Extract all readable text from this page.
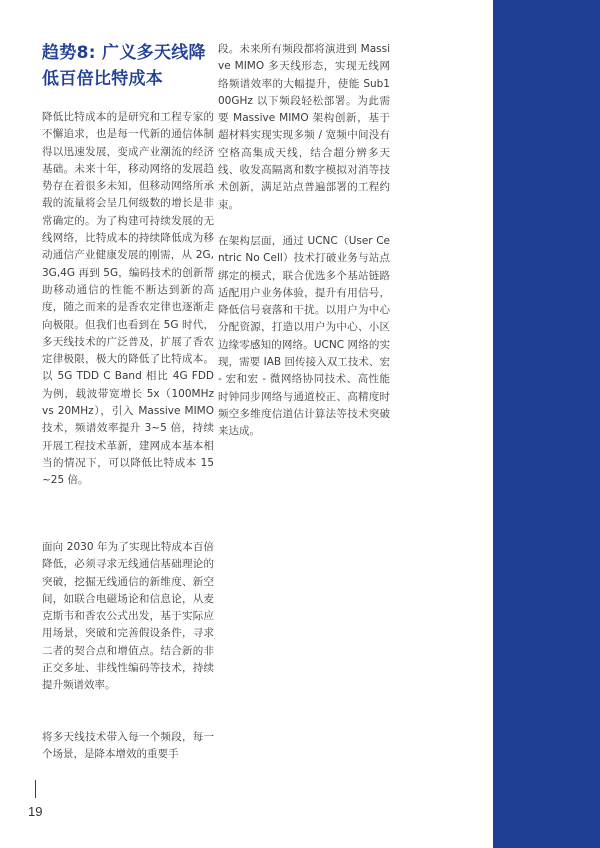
趋势8: 广义多天线降低百倍比特成本

降低比特成本的是研究和工程专家的不懈追求，也是每一代新的通信体制得以迅速发展，变成产业潮流的经济基础。未来十年，移动网络的发展趋势存在着很多未知，但移动网络所承载的流量将会呈几何级数的增长是非常确定的。为了构建可持续发展的无线网络，比特成本的持续降低成为移动通信产业健康发展的刚需，从 2G,3G,4G 再到 5G，编码技术的创新帮助移动通信的性能不断达到新的高度，随之而来的是香农定律也逐渐走向极限。但我们也看到在 5G 时代，多天线技术的广泛普及，扩展了香农定律极限，极大的降低了比特成本。以 5G TDD C Band 相比 4G FDD 为例，载波带宽增长 5x（100MHz vs 20MHz），引入 Massive MIMO 技术，频谱效率提升 3~5 倍，持续开展工程技术革新，建网成本基本相当的情况下，可以降低比特成本 15~25 倍。

面向 2030 年为了实现比特成本百倍降低，必须寻求无线通信基础理论的突破，挖掘无线通信的新维度、新空间，如联合电磁场论和信息论，从麦克斯韦和香农公式出发，基于实际应用场景，突破和完善假设条件，寻求二者的契合点和增值点。结合新的非正交多址、非线性编码等技术，持续提升频谱效率。

将多天线技术带入每一个频段，每一个场景，是降本增效的重要手

段。未来所有频段都将演进到 Massive MIMO 多天线形态，实现无线网络频谱效率的大幅提升，使能 Sub100GHz 以下频段轻松部署。为此需要 Massive MIMO 架构创新，基于超材料实现实现多频 / 宽频中间没有空格高集成天线，结合超分辨多天线、收发高隔离和数字模拟对消等技术创新，满足站点普遍部署的工程约束。

在架构层面，通过 UCNC（User Centric No Cell）技术打破业务与站点绑定的模式，联合优选多个基站链路适配用户业务体验，提升有用信号，降低信号衰落和干扰。以用户为中心分配资源，打造以用户为中心、小区边缘零感知的网络。UCNC 网络的实现，需要 IAB 回传接入双工技术、宏 - 宏和宏 - 微网络协同技术、高性能时钟同步网络与通道校正、高精度时频空多维度信道估计算法等技术突破来达成。

19
